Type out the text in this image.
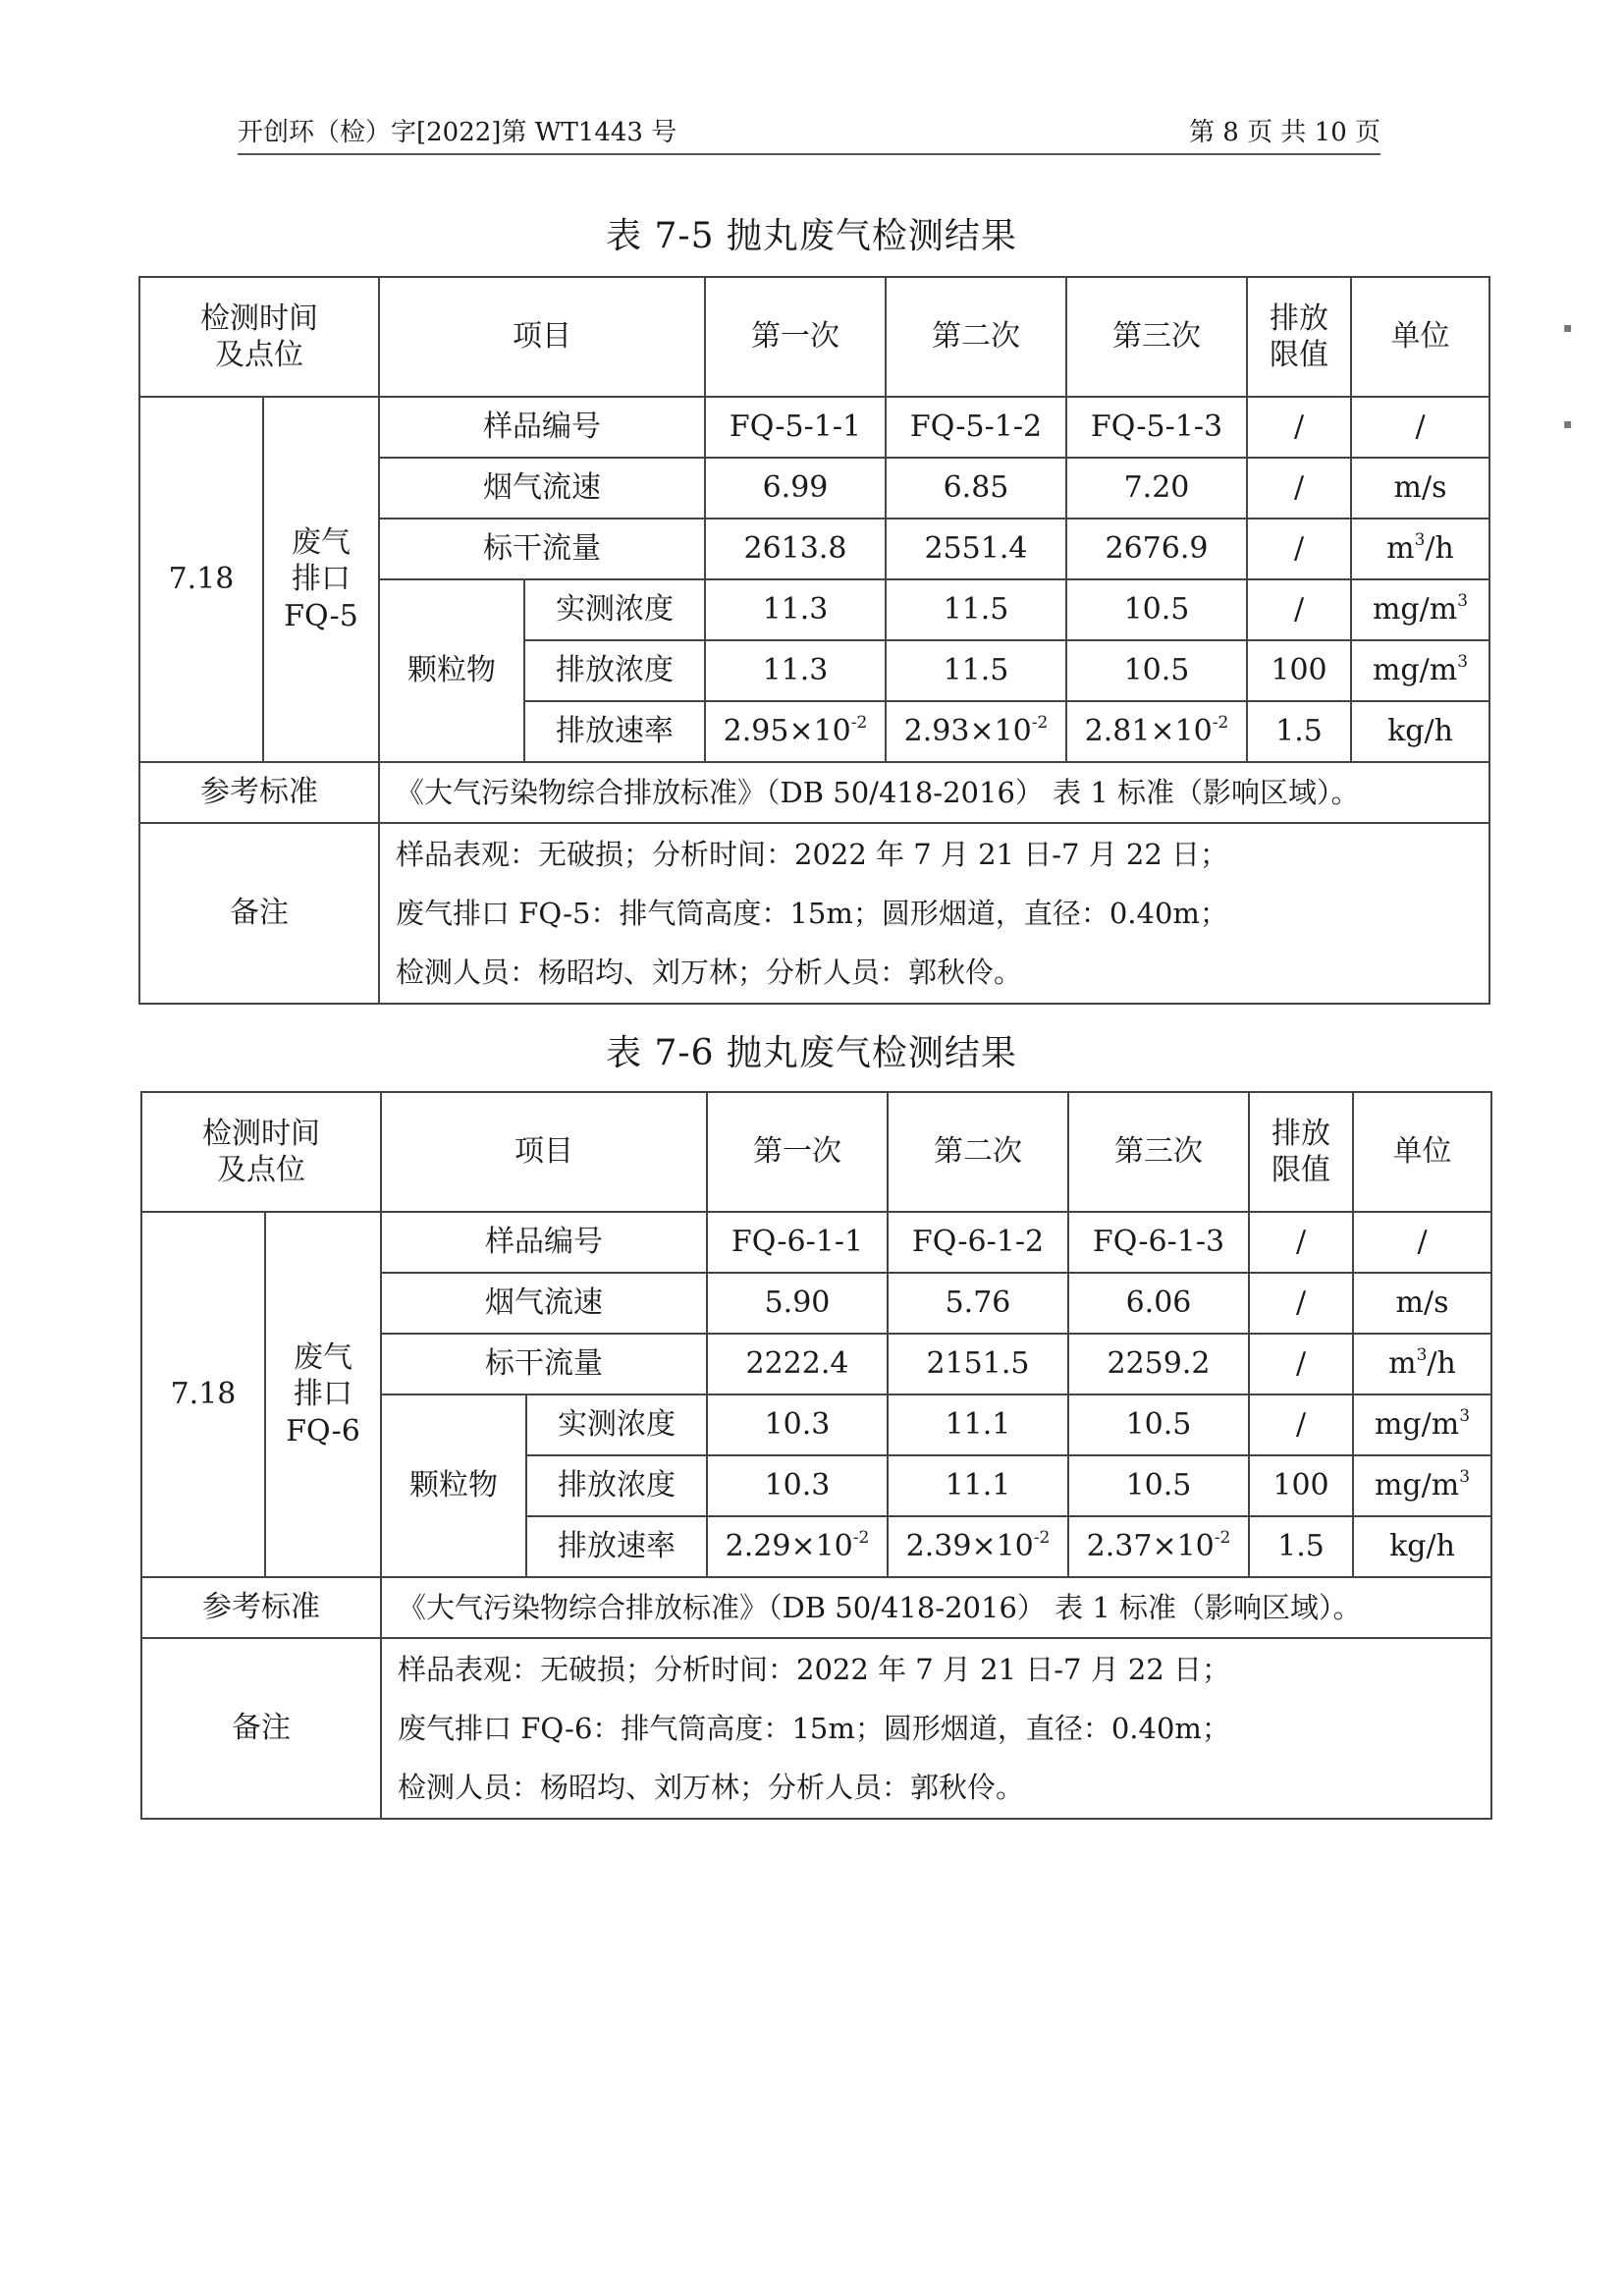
开创环（检）字[2022]第 WT1443 号	第 8 页 共 10 页
表 7-5 抛丸废气检测结果
检测时间
及点位		项目		第一次	第二次	第三次	排放
限值	单位
7.18	废气
排口
FQ-5	样品编号		FQ-5-1-1	FQ-5-1-2	FQ-5-1-3	/	/
		烟气流速		6.99	6.85	7.20	/	m/s
		标干流量		2613.8	2551.4	2676.9	/	$m^3/h$
		颗粒物	实测浓度	11.3	11.5	10.5	/	$mg/m^3$
			排放浓度	11.3	11.5	10.5	100	$mg/m^3$
			排放速率	$2.95\times 10^{-2}$	$2.93\times 10^{-2}$	$2.81\times 10^{-2}$	1.5	kg/h
参考标准		《大气污染物综合排放标准》（DB 50/418-2016） 表 1 标准（影响区域）。						
备注		样品表观：无破损；分析时间：2022 年 7 月 21 日-7 月 22 日；
废气排口 FQ-5：排气筒高度：15m；圆形烟道，直径：0.40m；
检测人员：杨昭均、刘万林；分析人员：郭秋伶。						
表 7-6 抛丸废气检测结果
检测时间
及点位		项目		第一次	第二次	第三次	排放
限值	单位
7.18	废气
排口
FQ-6	样品编号		FQ-6-1-1	FQ-6-1-2	FQ-6-1-3	/	/
		烟气流速		5.90	5.76	6.06	/	m/s
		标干流量		2222.4	2151.5	2259.2	/	$m^3/h$
		颗粒物	实测浓度	10.3	11.1	10.5	/	$mg/m^3$
			排放浓度	10.3	11.1	10.5	100	$mg/m^3$
			排放速率	$2.29\times 10^{-2}$	$2.39\times 10^{-2}$	$2.37\times 10^{-2}$	1.5	kg/h
参考标准		《大气污染物综合排放标准》（DB 50/418-2016） 表 1 标准（影响区域）。						
备注		样品表观：无破损；分析时间：2022 年 7 月 21 日-7 月 22 日；
废气排口 FQ-6：排气筒高度：15m；圆形烟道，直径：0.40m；
检测人员：杨昭均、刘万林；分析人员：郭秋伶。						
▪
▪
